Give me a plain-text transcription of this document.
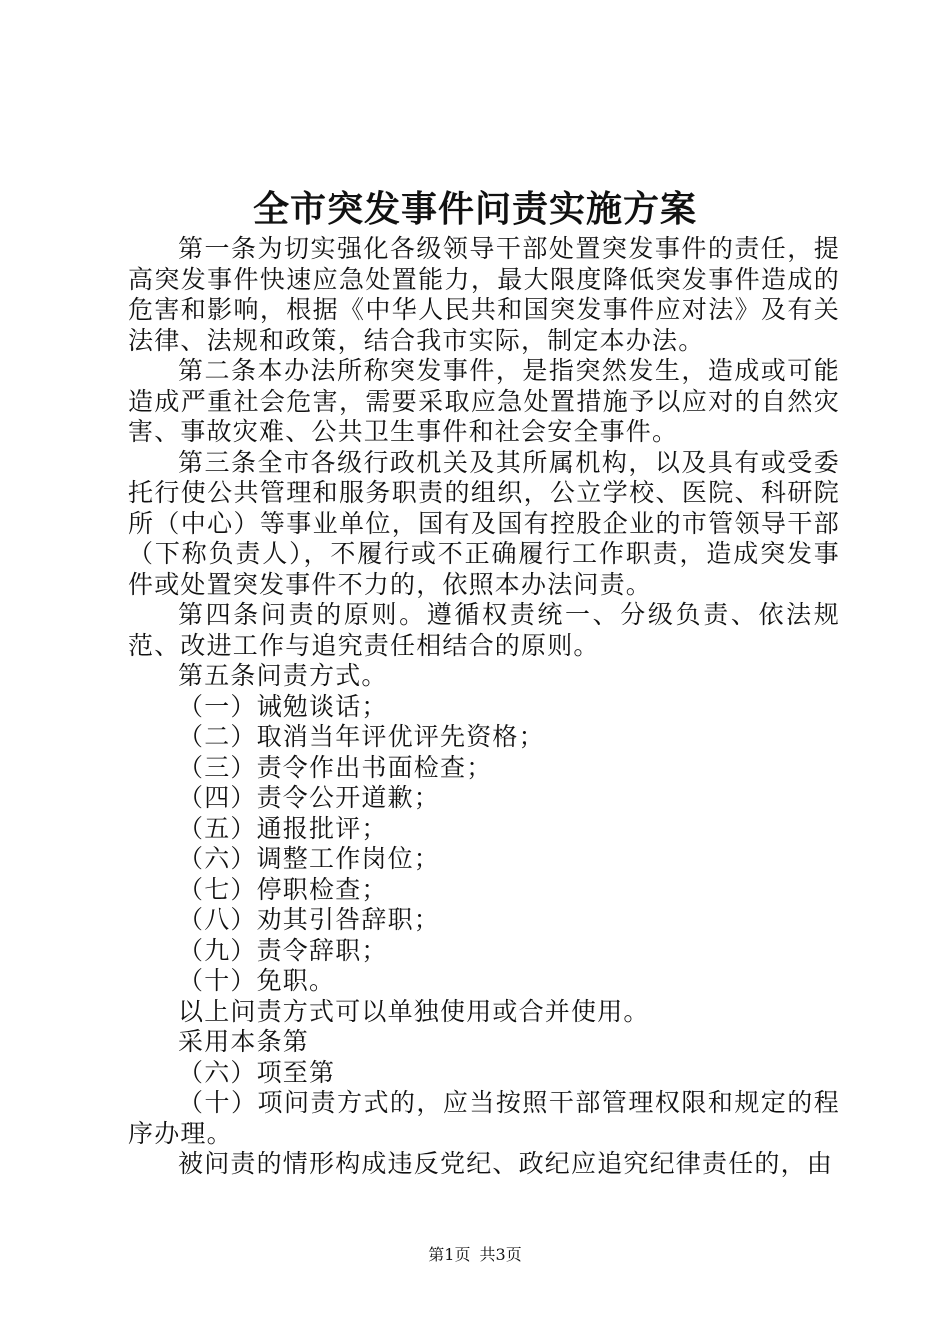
全市突发事件问责实施方案

第一条为切实强化各级领导干部处置突发事件的责任，提高突发事件快速应急处置能力，最大限度降低突发事件造成的危害和影响，根据《中华人民共和国突发事件应对法》及有关法律、法规和政策，结合我市实际，制定本办法。

第二条本办法所称突发事件，是指突然发生，造成或可能造成严重社会危害，需要采取应急处置措施予以应对的自然灾害、事故灾难、公共卫生事件和社会安全事件。

第三条全市各级行政机关及其所属机构，以及具有或受委托行使公共管理和服务职责的组织，公立学校、医院、科研院所（中心）等事业单位，国有及国有控股企业的市管领导干部（下称负责人），不履行或不正确履行工作职责，造成突发事件或处置突发事件不力的，依照本办法问责。

第四条问责的原则。遵循权责统一、分级负责、依法规范、改进工作与追究责任相结合的原则。

第五条问责方式。

（一）诫勉谈话；

（二）取消当年评优评先资格；

（三）责令作出书面检查；

（四）责令公开道歉；

（五）通报批评；

（六）调整工作岗位；

（七）停职检查；

（八）劝其引咎辞职；

（九）责令辞职；

（十）免职。

以上问责方式可以单独使用或合并使用。

采用本条第

（六）项至第

（十）项问责方式的，应当按照干部管理权限和规定的程序办理。

被问责的情形构成违反党纪、政纪应追究纪律责任的，由

第1页 共3页
